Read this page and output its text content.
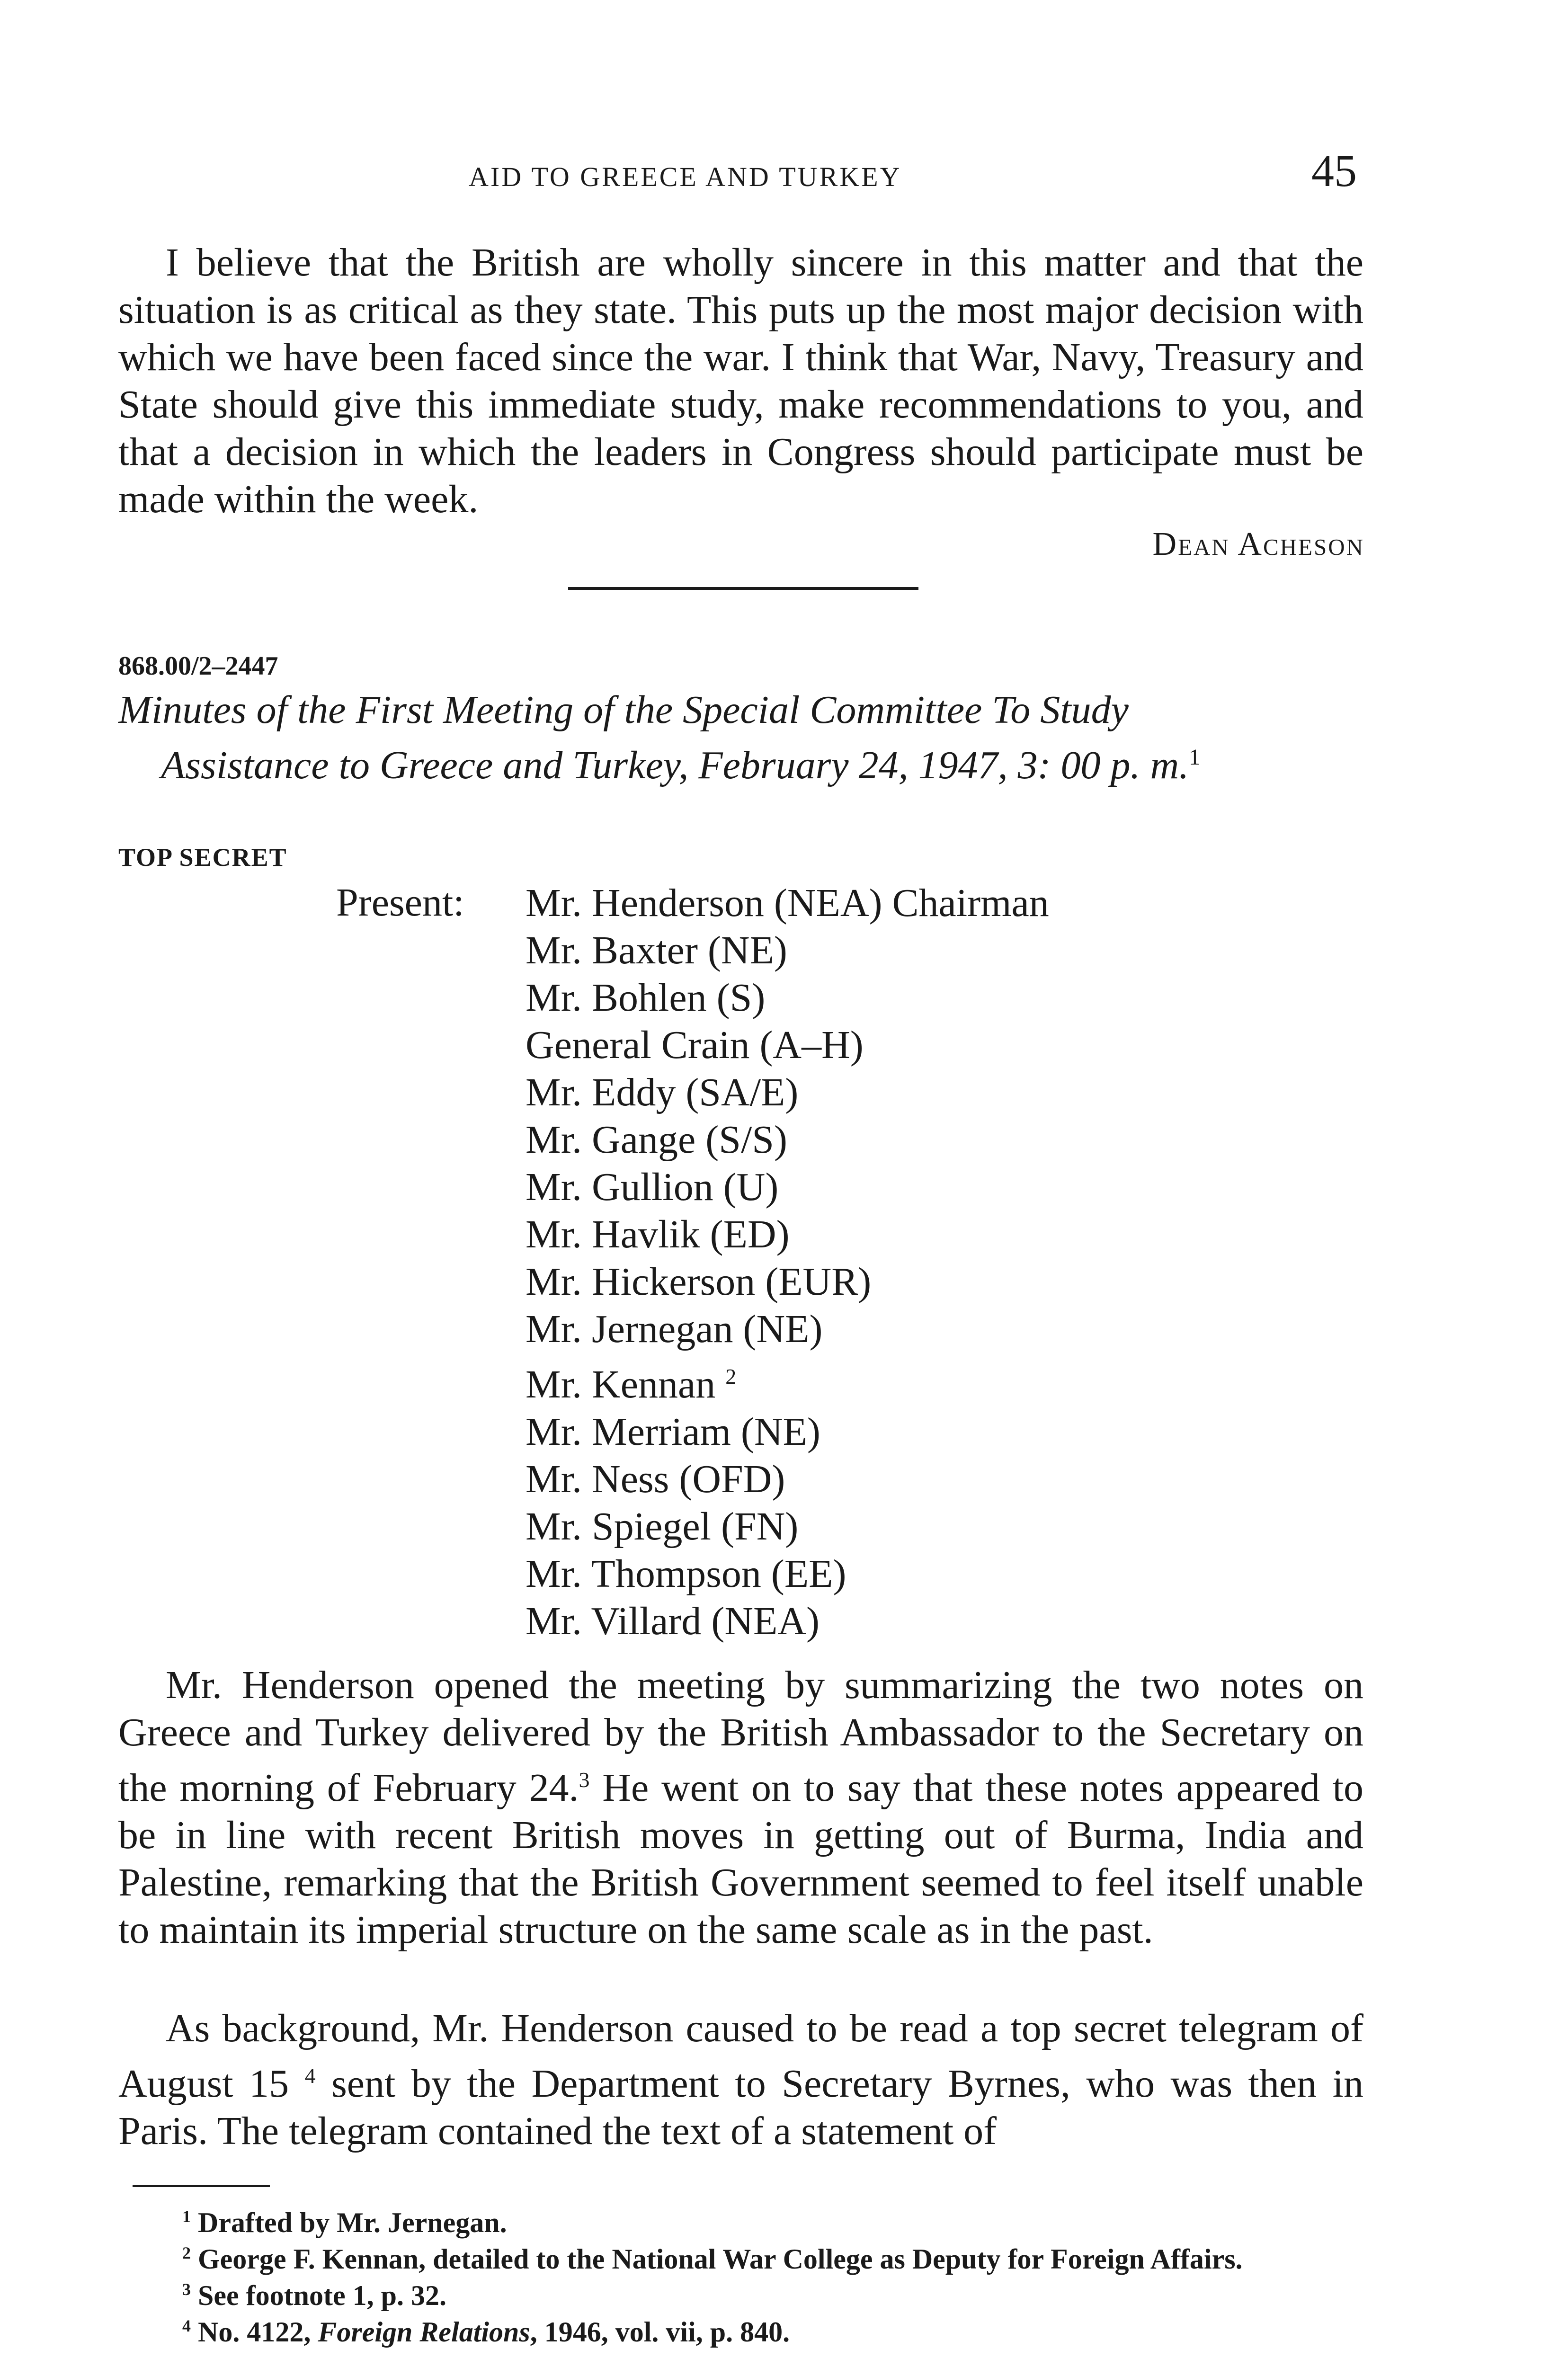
AID TO GREECE AND TURKEY	45
I believe that the British are wholly sincere in this matter and that the situation is as critical as they state. This puts up the most major decision with which we have been faced since the war. I think that War, Navy, Treasury and State should give this immediate study, make recommendations to you, and that a decision in which the leaders in Congress should participate must be made within the week.
Dean Acheson
868.00/2–2447
Minutes of the First Meeting of the Special Committee To Study
Assistance to Greece and Turkey, February 24, 1947, 3: 00 p. m.$^1$
TOP SECRET
Present: Mr. Henderson (NEA) Chairman
Mr. Baxter (NE)
Mr. Bohlen (S)
General Crain (A–H)
Mr. Eddy (SA/E)
Mr. Gange (S/S)
Mr. Gullion (U)
Mr. Havlik (ED)
Mr. Hickerson (EUR)
Mr. Jernegan (NE)
Mr. Kennan $^2$
Mr. Merriam (NE)
Mr. Ness (OFD)
Mr. Spiegel (FN)
Mr. Thompson (EE)
Mr. Villard (NEA)
Mr. Henderson opened the meeting by summarizing the two notes on Greece and Turkey delivered by the British Ambassador to the Secretary on the morning of February 24.$^3$ He went on to say that these notes appeared to be in line with recent British moves in getting out of Burma, India and Palestine, remarking that the British Government seemed to feel itself unable to maintain its imperial structure on the same scale as in the past.
As background, Mr. Henderson caused to be read a top secret telegram of August 15 $^4$ sent by the Department to Secretary Byrnes, who was then in Paris. The telegram contained the text of a statement of
$^1$ Drafted by Mr. Jernegan.
$^2$ George F. Kennan, detailed to the National War College as Deputy for Foreign Affairs.
$^3$ See footnote 1, p. 32.
$^4$ No. 4122, Foreign Relations, 1946, vol. vii, p. 840.
